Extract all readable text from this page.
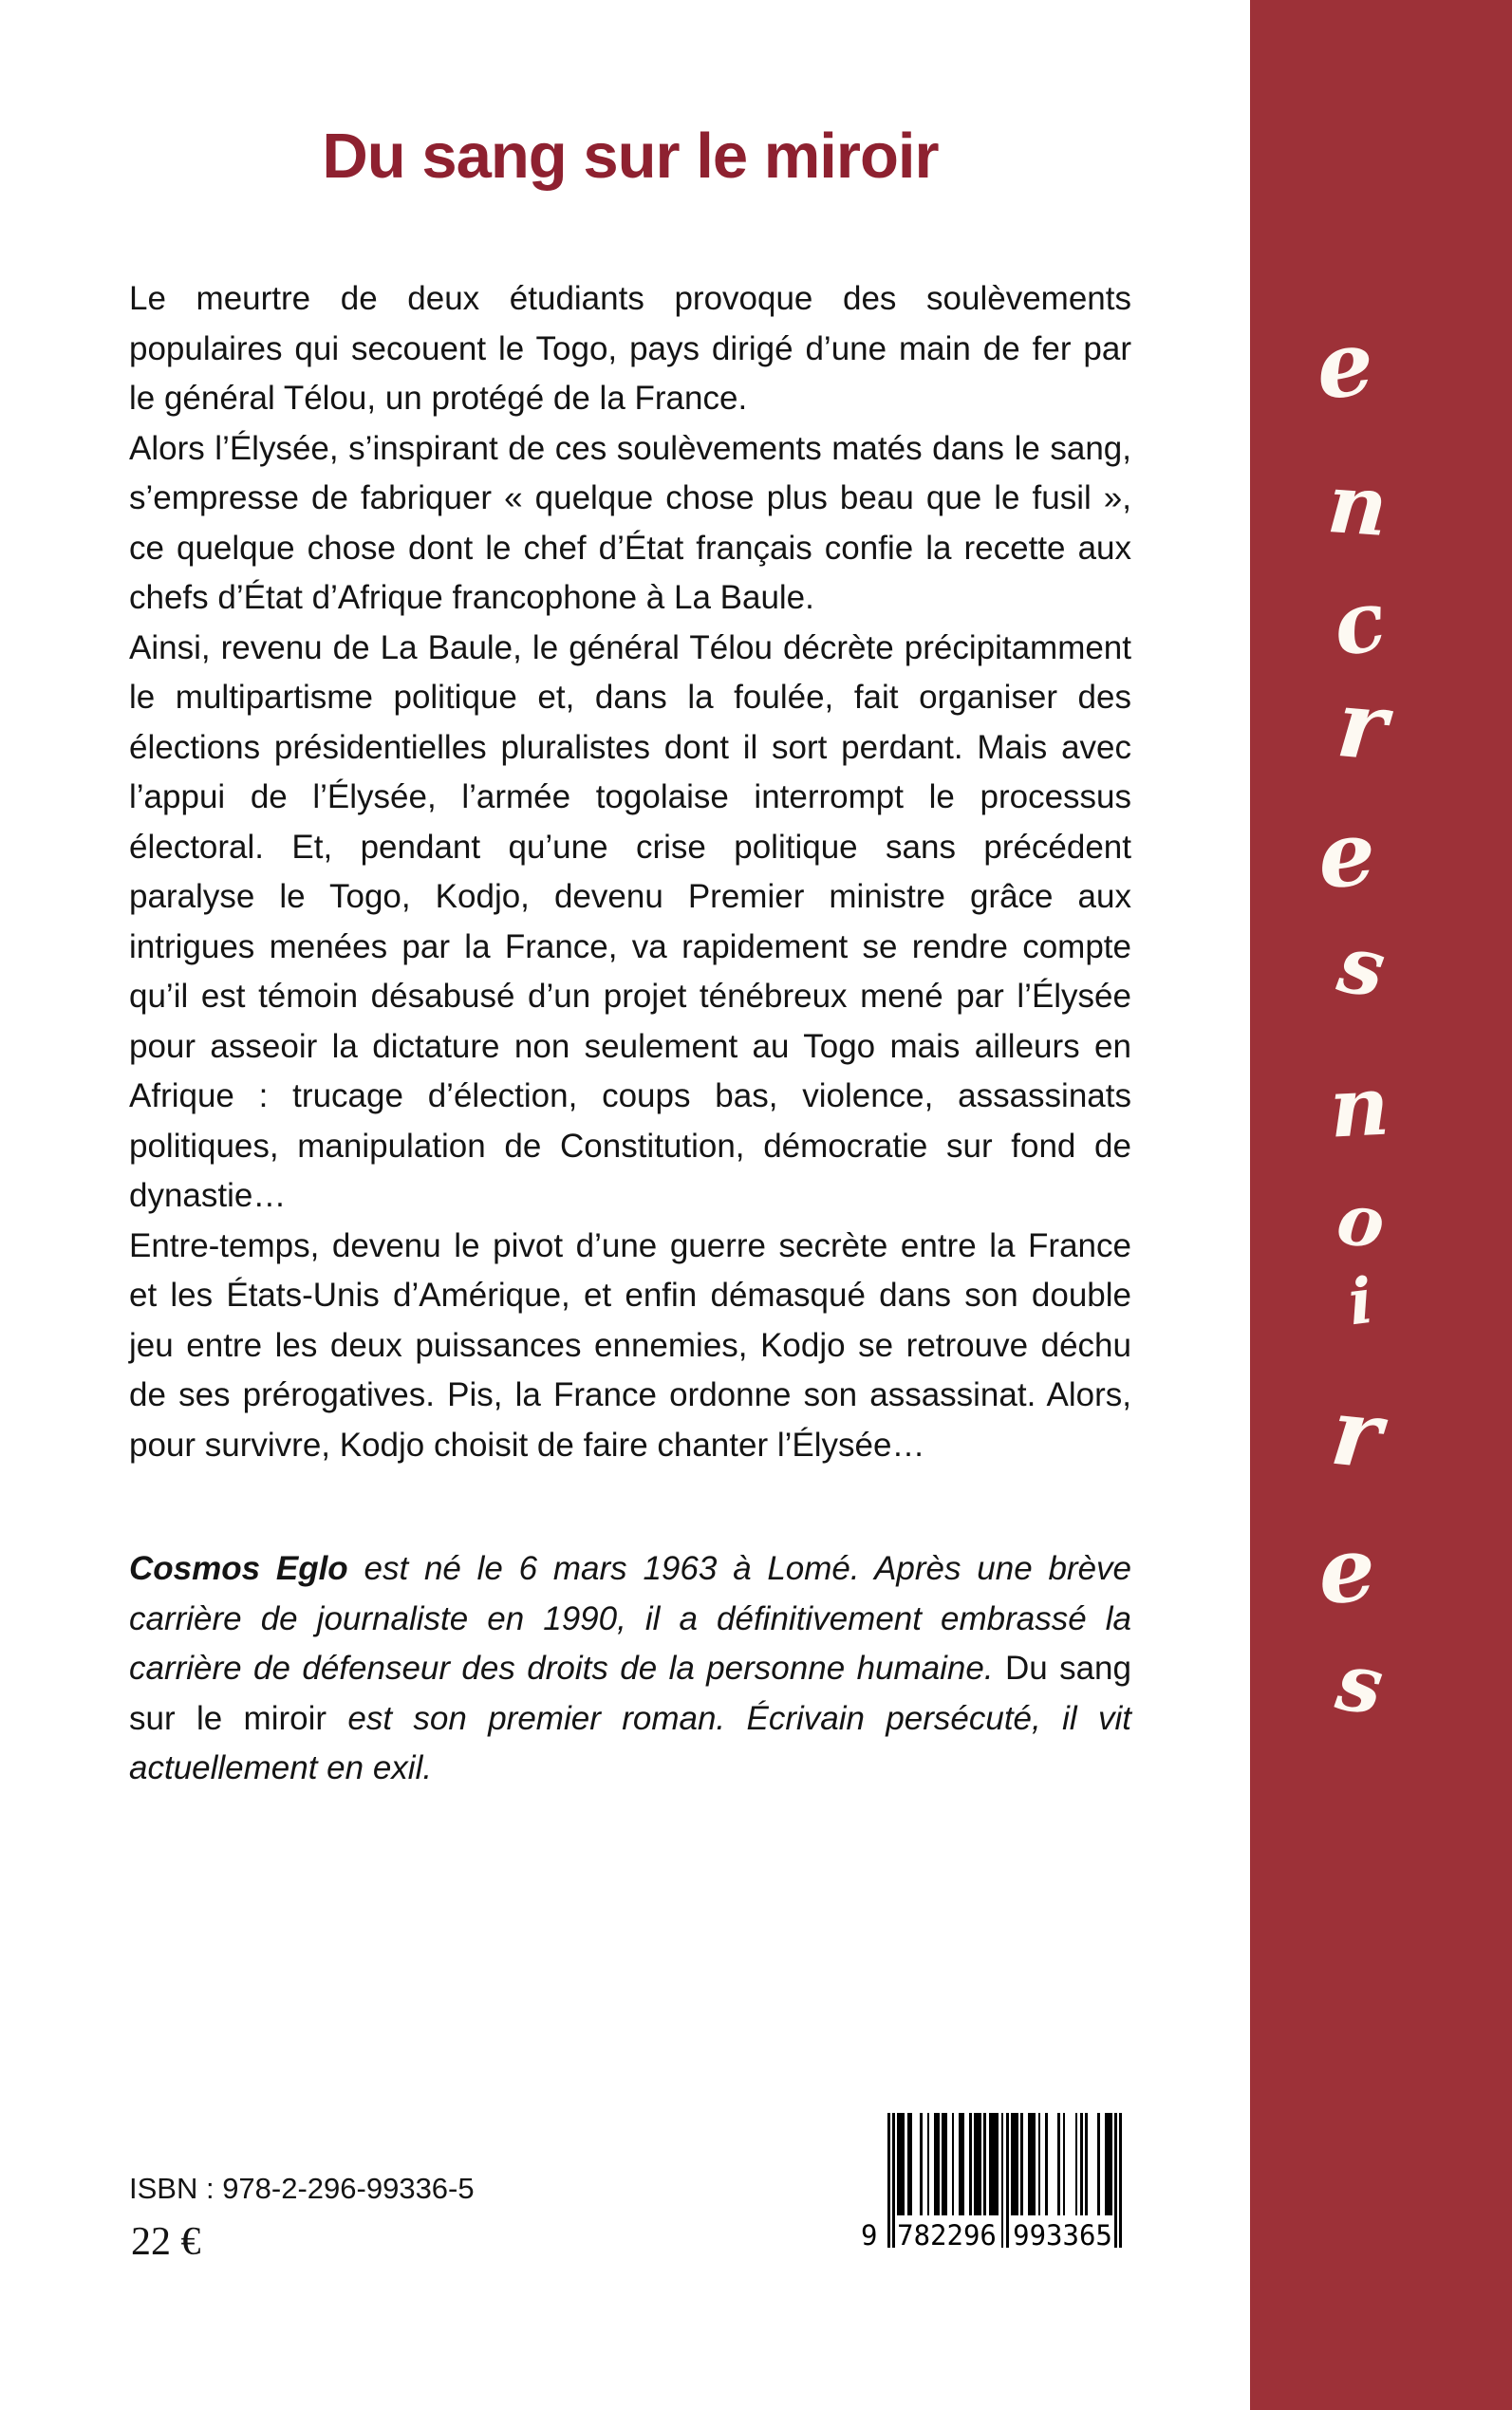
e
n
c
r
e
s
n
o
i
r
e
s
Du sang sur le miroir

Le meurtre de deux étudiants provoque des soulèvements populaires qui secouent le Togo, pays dirigé d’une main de fer par le général Télou, un protégé de la France.

Alors l’Élysée, s’inspirant de ces soulèvements matés dans le sang, s’empresse de fabriquer « quelque chose plus beau que le fusil », ce quelque chose dont le chef d’État français confie la recette aux chefs d’État d’Afrique francophone à La Baule.

Ainsi, revenu de La Baule, le général Télou décrète précipitamment le multipartisme politique et, dans la foulée, fait organiser des élections présidentielles pluralistes dont il sort perdant. Mais avec l’appui de l’Élysée, l’armée togolaise interrompt le processus électoral. Et, pendant qu’une crise politique sans précédent paralyse le Togo, Kodjo, devenu Premier ministre grâce aux intrigues menées par la France, va rapidement se rendre compte qu’il est témoin désabusé d’un projet ténébreux mené par l’Élysée pour asseoir la dictature non seulement au Togo mais ailleurs en Afrique : trucage d’élection, coups bas, violence, assassinats politiques, manipulation de Constitution, démocratie sur fond de dynastie…

Entre-temps, devenu le pivot d’une guerre secrète entre la France et les États-Unis d’Amérique, et enfin démasqué dans son double jeu entre les deux puissances ennemies, Kodjo se retrouve déchu de ses prérogatives. Pis, la France ordonne son assassinat. Alors, pour survivre, Kodjo choisit de faire chanter l’Élysée…

Cosmos Eglo est né le 6 mars 1963 à Lomé. Après une brève carrière de journaliste en 1990, il a définitivement embrassé la carrière de défenseur des droits de la personne humaine. Du sang sur le miroir est son premier roman. Écrivain persécuté, il vit actuellement en exil.

ISBN : 978-2-296-99336-5
22 €	9 782296 993365
